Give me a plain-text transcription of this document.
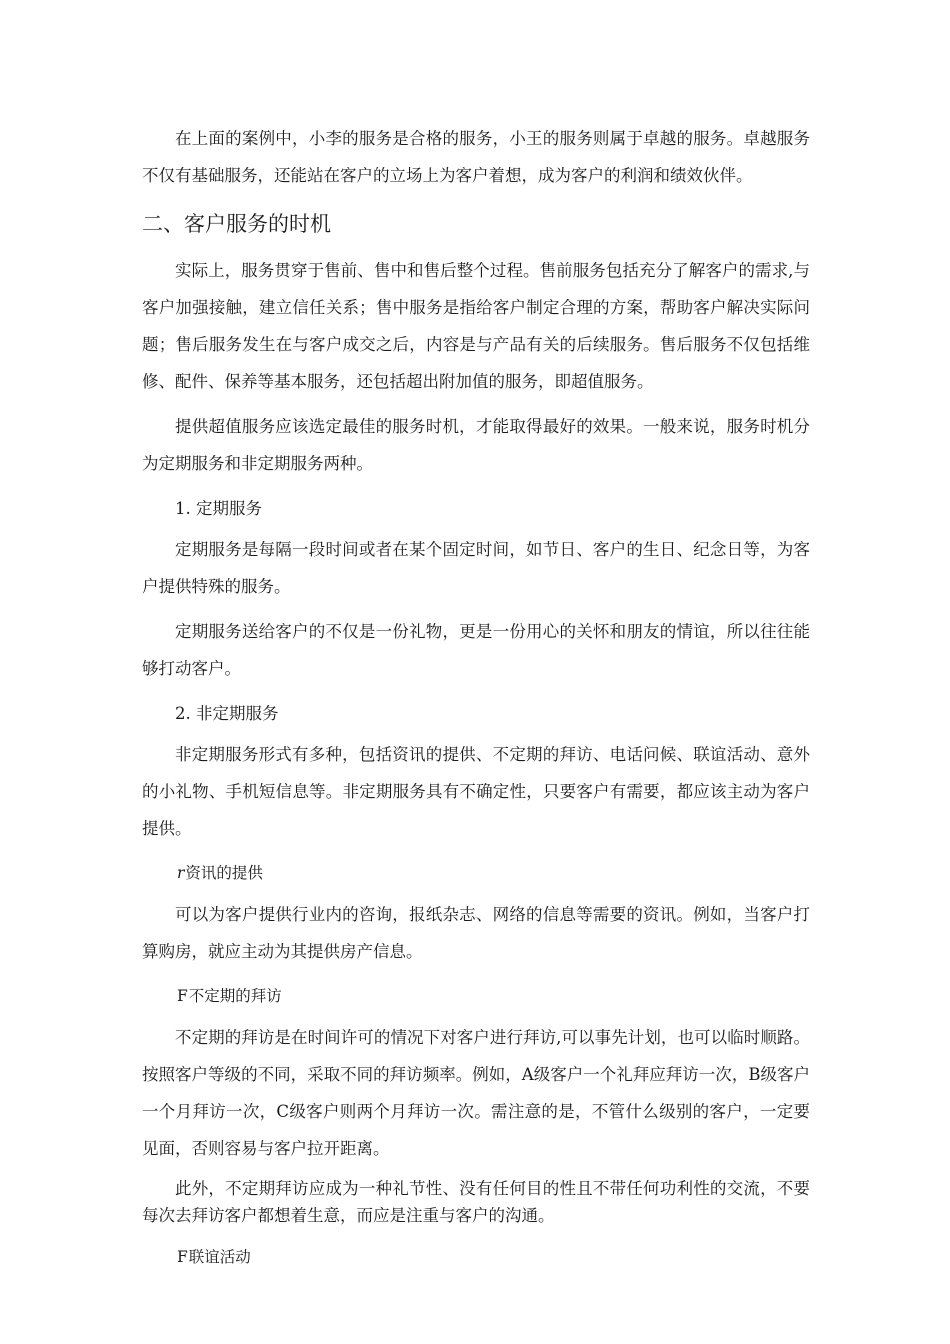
在上面的案例中，小李的服务是合格的服务，小王的服务则属于卓越的服务。卓越服务不仅有基础服务，还能站在客户的立场上为客户着想，成为客户的利润和绩效伙伴。

二、客户服务的时机

实际上，服务贯穿于售前、售中和售后整个过程。售前服务包括充分了解客户的需求,与客户加强接触，建立信任关系；售中服务是指给客户制定合理的方案，帮助客户解决实际问题；售后服务发生在与客户成交之后，内容是与产品有关的后续服务。售后服务不仅包括维修、配件、保养等基本服务，还包括超出附加值的服务，即超值服务。

提供超值服务应该选定最佳的服务时机，才能取得最好的效果。一般来说，服务时机分为定期服务和非定期服务两种。

1. 定期服务

定期服务是每隔一段时间或者在某个固定时间，如节日、客户的生日、纪念日等，为客户提供特殊的服务。

定期服务送给客户的不仅是一份礼物，更是一份用心的关怀和朋友的情谊，所以往往能够打动客户。

2. 非定期服务

非定期服务形式有多种，包括资讯的提供、不定期的拜访、电话问候、联谊活动、意外的小礼物、手机短信息等。非定期服务具有不确定性，只要客户有需要，都应该主动为客户提供。

r资讯的提供

可以为客户提供行业内的咨询，报纸杂志、网络的信息等需要的资讯。例如，当客户打算购房，就应主动为其提供房产信息。

F不定期的拜访

不定期的拜访是在时间许可的情况下对客户进行拜访,可以事先计划，也可以临时顺路。按照客户等级的不同，采取不同的拜访频率。例如，A级客户一个礼拜应拜访一次，B级客户一个月拜访一次，C级客户则两个月拜访一次。需注意的是，不管什么级别的客户，一定要见面，否则容易与客户拉开距离。

此外，不定期拜访应成为一种礼节性、没有任何目的性且不带任何功利性的交流，不要每次去拜访客户都想着生意，而应是注重与客户的沟通。

F联谊活动
